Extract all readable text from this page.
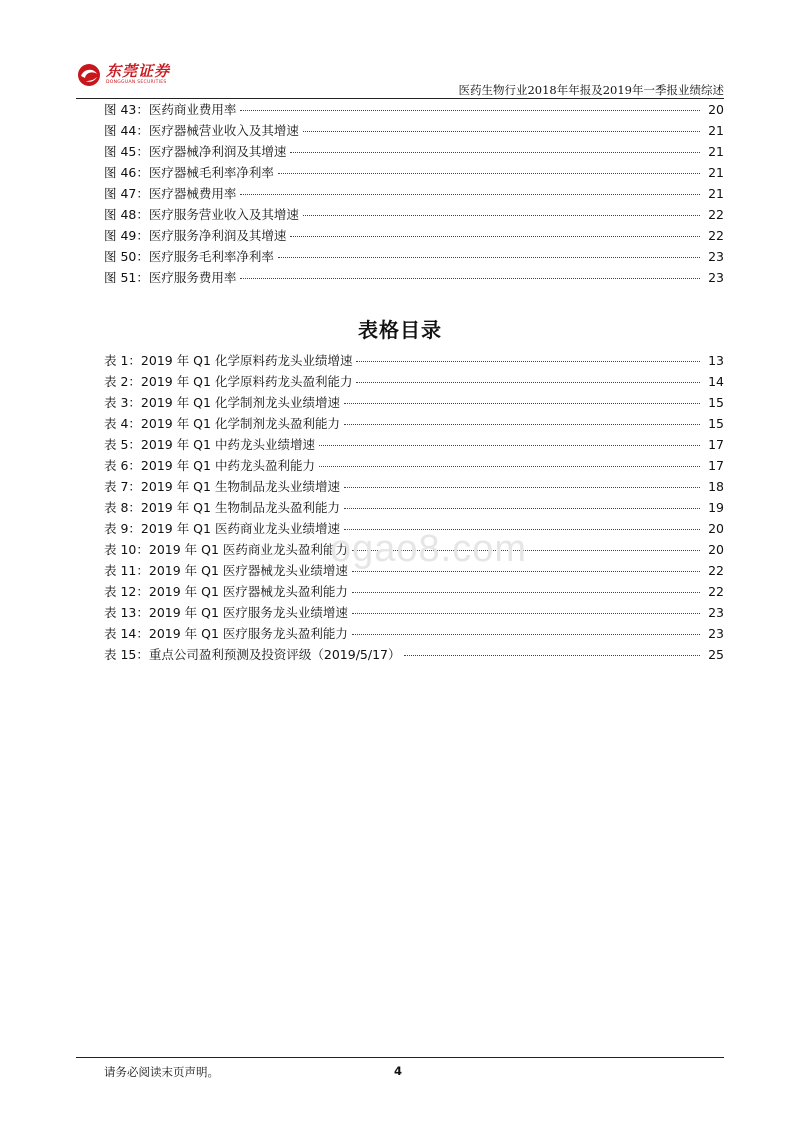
东莞证券
DONGGUAN SECURITIES
医药生物行业2018年年报及2019年一季报业绩综述
图 43：医药商业费用率	20
图 44：医疗器械营业收入及其增速	21
图 45：医疗器械净利润及其增速	21
图 46：医疗器械毛利率净利率	21
图 47：医疗器械费用率	21
图 48：医疗服务营业收入及其增速	22
图 49：医疗服务净利润及其增速	22
图 50：医疗服务毛利率净利率	23
图 51：医疗服务费用率	23
表格目录
表 1：2019 年 Q1 化学原料药龙头业绩增速	13
表 2：2019 年 Q1 化学原料药龙头盈利能力	14
表 3：2019 年 Q1 化学制剂龙头业绩增速	15
表 4：2019 年 Q1 化学制剂龙头盈利能力	15
表 5：2019 年 Q1 中药龙头业绩增速	17
表 6：2019 年 Q1 中药龙头盈利能力	17
表 7：2019 年 Q1 生物制品龙头业绩增速	18
表 8：2019 年 Q1 生物制品龙头盈利能力	19
表 9：2019 年 Q1 医药商业龙头业绩增速	20
表 10：2019 年 Q1 医药商业龙头盈利能力	20
表 11：2019 年 Q1 医疗器械龙头业绩增速	22
表 12：2019 年 Q1 医疗器械龙头盈利能力	22
表 13：2019 年 Q1 医疗服务龙头业绩增速	23
表 14：2019 年 Q1 医疗服务龙头盈利能力	23
表 15：重点公司盈利预测及投资评级（2019/5/17）	25
ogao8.com
请务必阅读末页声明。	4
